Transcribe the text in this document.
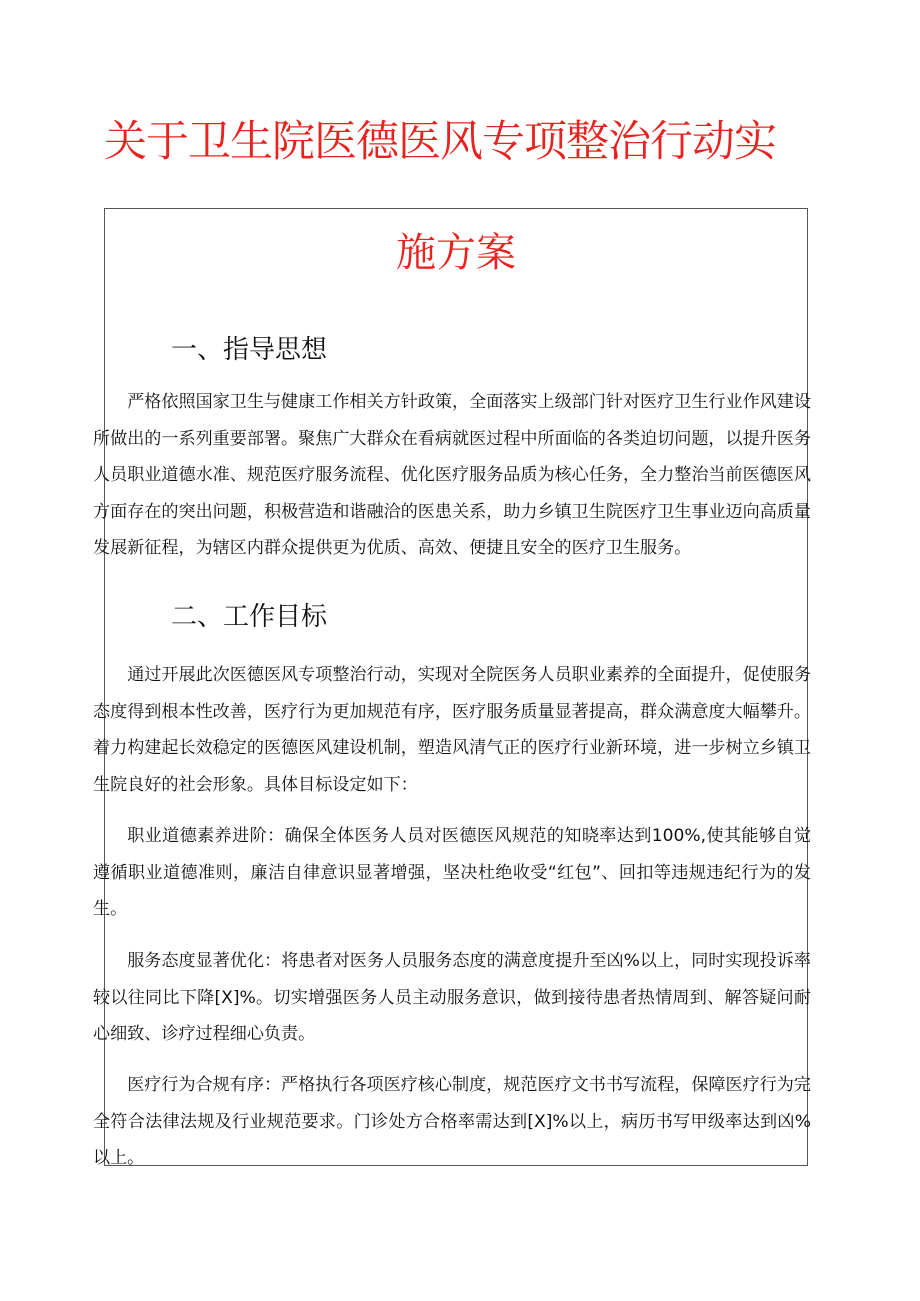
关于卫生院医德医风专项整治行动实
施方案
一、指导思想
严格依照国家卫生与健康工作相关方针政策，全面落实上级部门针对医疗卫生行业作风建设所做出的一系列重要部署。聚焦广大群众在看病就医过程中所面临的各类迫切问题，以提升医务人员职业道德水准、规范医疗服务流程、优化医疗服务品质为核心任务，全力整治当前医德医风方面存在的突出问题，积极营造和谐融洽的医患关系，助力乡镇卫生院医疗卫生事业迈向高质量发展新征程，为辖区内群众提供更为优质、高效、便捷且安全的医疗卫生服务。
二、工作目标
通过开展此次医德医风专项整治行动，实现对全院医务人员职业素养的全面提升，促使服务态度得到根本性改善，医疗行为更加规范有序，医疗服务质量显著提高，群众满意度大幅攀升。着力构建起长效稳定的医德医风建设机制，塑造风清气正的医疗行业新环境，进一步树立乡镇卫生院良好的社会形象。具体目标设定如下：
职业道德素养进阶：确保全体医务人员对医德医风规范的知晓率达到100%,使其能够自觉遵循职业道德准则，廉洁自律意识显著增强，坚决杜绝收受“红包”、回扣等违规违纪行为的发生。
服务态度显著优化：将患者对医务人员服务态度的满意度提升至凶%以上，同时实现投诉率较以往同比下降[X]%。切实增强医务人员主动服务意识，做到接待患者热情周到、解答疑问耐心细致、诊疗过程细心负责。
医疗行为合规有序：严格执行各项医疗核心制度，规范医疗文书书写流程，保障医疗行为完全符合法律法规及行业规范要求。门诊处方合格率需达到[X]%以上，病历书写甲级率达到凶%以上。
